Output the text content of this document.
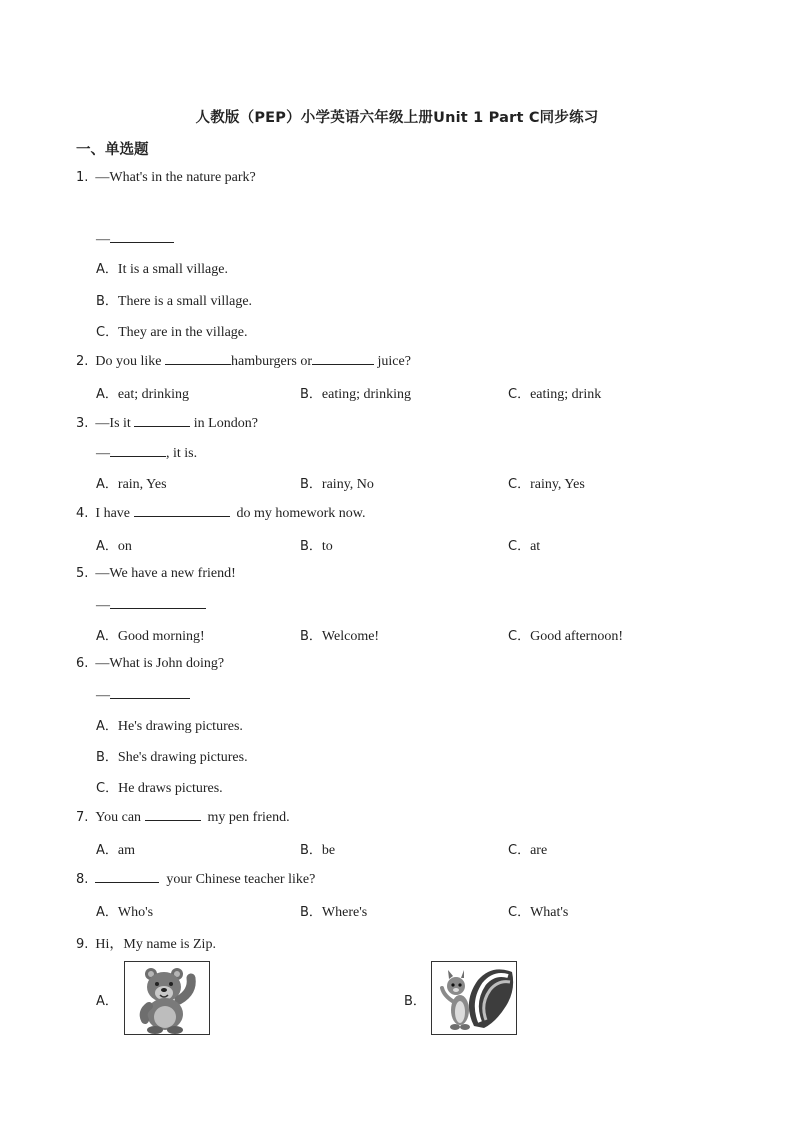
人教版（PEP）小学英语六年级上册Unit 1 Part C同步练习
一、单选题
1. —What's in the nature park?
—
A．It is a small village.
B．There is a small village.
C．They are in the village.
2. Do you like	hamburgers or	juice?
A．eat; drinking	B．eating; drinking	C．eating; drink
3. —Is it	in London?
—	, it is.
A．rain, Yes	B．rainy, No	C．rainy, Yes
4. I have	do my homework now.
A．on	B．to	C．at
5. —We have a new friend!
—
A．Good morning!	B．Welcome!	C．Good afternoon!
6. —What is John doing?
—
A．He's drawing pictures.
B．She's drawing pictures.
C．He draws pictures.
7. You can	my pen friend.
A．am	B．be	C．are
8.	your Chinese teacher like?
A．Who's	B．Where's	C．What's
9. Hi，My name is Zip.
A．	B．
